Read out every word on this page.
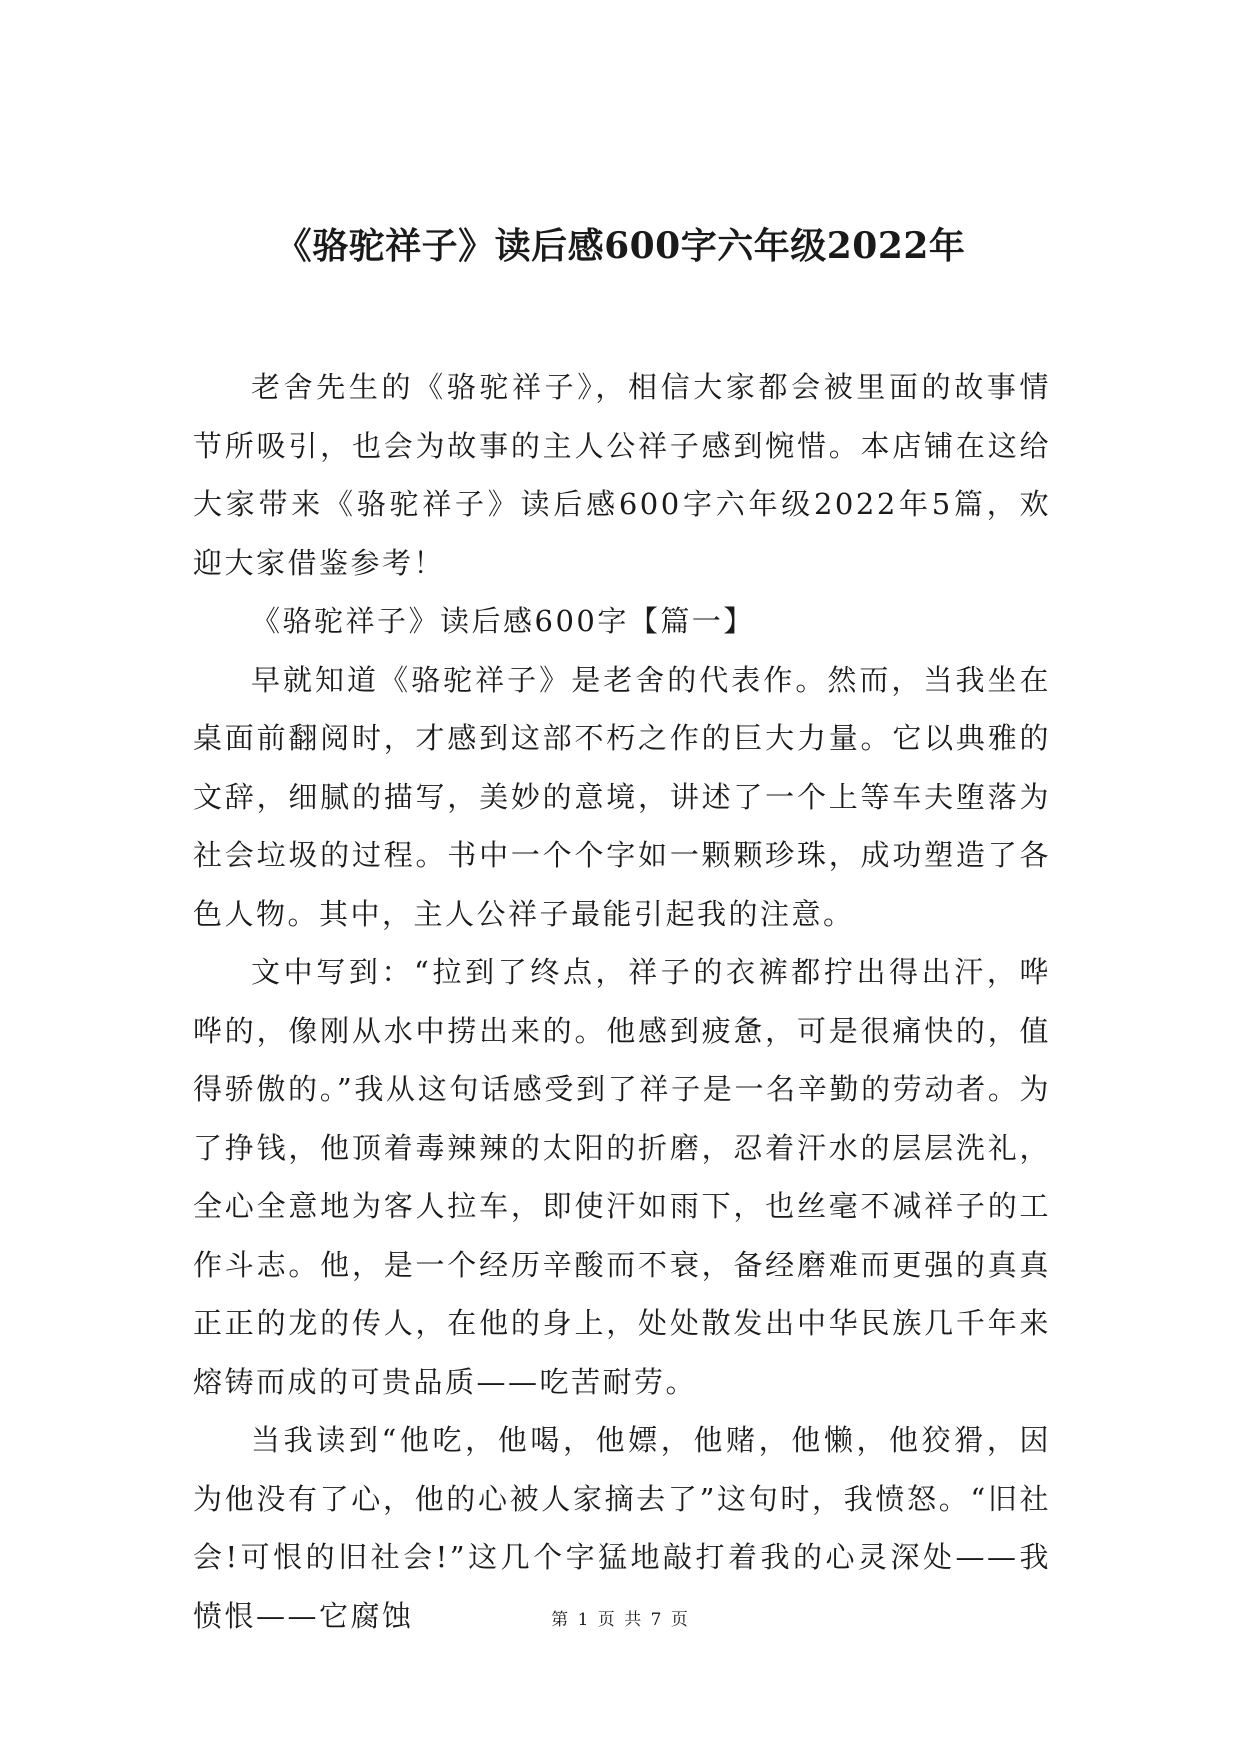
《骆驼祥子》读后感600字六年级2022年

老舍先生的《骆驼祥子》，相信大家都会被里面的故事情节所吸引，也会为故事的主人公祥子感到惋惜。本店铺在这给大家带来《骆驼祥子》读后感600字六年级2022年5篇，欢迎大家借鉴参考！

《骆驼祥子》读后感600字【篇一】

早就知道《骆驼祥子》是老舍的代表作。然而，当我坐在桌面前翻阅时，才感到这部不朽之作的巨大力量。它以典雅的文辞，细腻的描写，美妙的意境，讲述了一个上等车夫堕落为社会垃圾的过程。书中一个个字如一颗颗珍珠，成功塑造了各色人物。其中，主人公祥子最能引起我的注意。

文中写到：“拉到了终点，祥子的衣裤都拧出得出汗，哗哗的，像刚从水中捞出来的。他感到疲惫，可是很痛快的，值得骄傲的。”我从这句话感受到了祥子是一名辛勤的劳动者。为了挣钱，他顶着毒辣辣的太阳的折磨，忍着汗水的层层洗礼，全心全意地为客人拉车，即使汗如雨下，也丝毫不减祥子的工作斗志。他，是一个经历辛酸而不衰，备经磨难而更强的真真正正的龙的传人，在他的身上，处处散发出中华民族几千年来熔铸而成的可贵品质——吃苦耐劳。

当我读到“他吃，他喝，他嫖，他赌，他懒，他狡猾，因为他没有了心，他的心被人家摘去了”这句时，我愤怒。“旧社会!可恨的旧社会!”这几个字猛地敲打着我的心灵深处——我愤恨——它腐蚀	第 1 页 共 7 页
